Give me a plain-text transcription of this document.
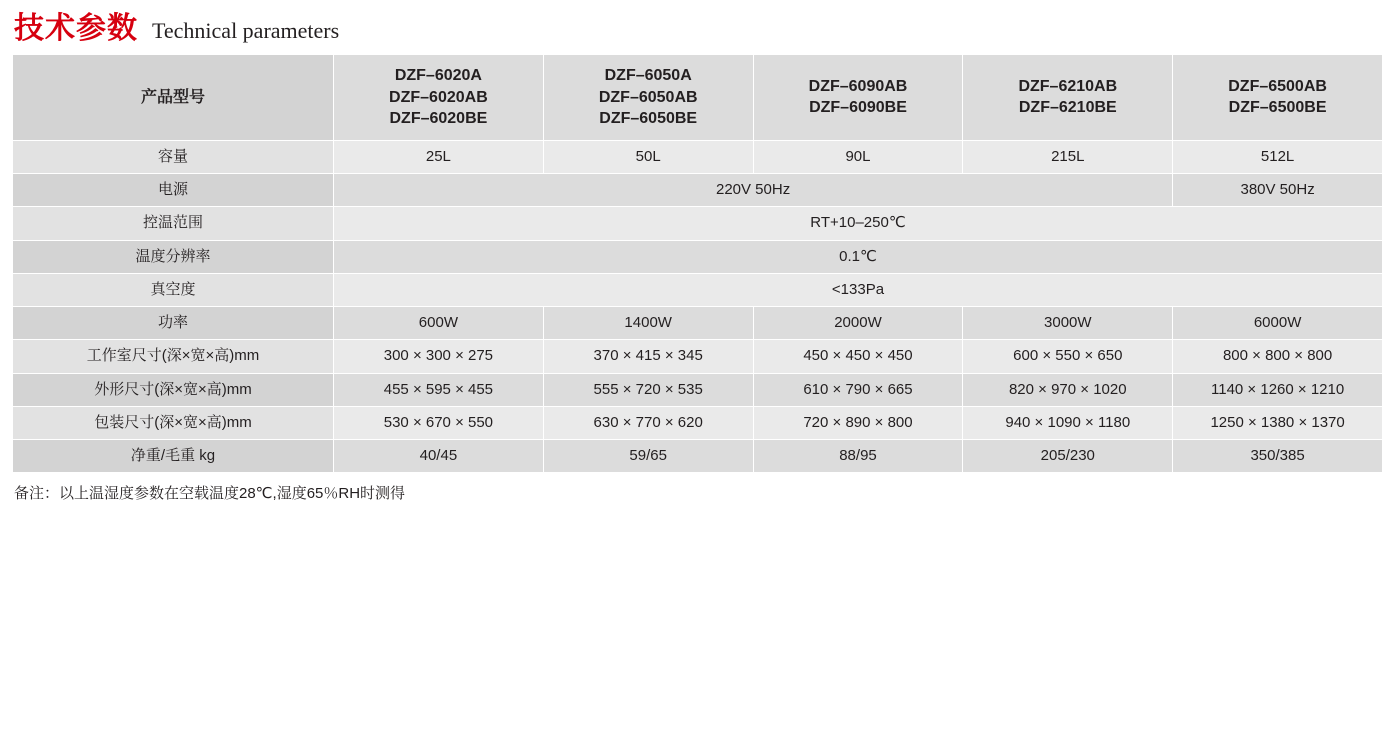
技术参数 Technical parameters
产品型号	DZF–6020A
DZF–6020AB
DZF–6020BE	DZF–6050A
DZF–6050AB
DZF–6050BE	DZF–6090AB
DZF–6090BE	DZF–6210AB
DZF–6210BE	DZF–6500AB
DZF–6500BE

容量	25L	50L	90L	215L	512L
电源	220V 50Hz				380V 50Hz
控温范围	RT+10–250℃				
温度分辨率	0.1℃				
真空度	<133Pa				
功率	600W	1400W	2000W	3000W	6000W
工作室尺寸(深×宽×高)mm	300 × 300 × 275	370 × 415 × 345	450 × 450 × 450	600 × 550 × 650	800 × 800 × 800
外形尺寸(深×宽×高)mm	455 × 595 × 455	555 × 720 × 535	610 × 790 × 665	820 × 970 × 1020	1140 × 1260 × 1210
包装尺寸(深×宽×高)mm	530 × 670 × 550	630 × 770 × 620	720 × 890 × 800	940 × 1090 × 1180	1250 × 1380 × 1370
净重/毛重 kg	40/45	59/65	88/95	205/230	350/385
备注：以上温湿度参数在空载温度28℃,湿度65％RH时测得
